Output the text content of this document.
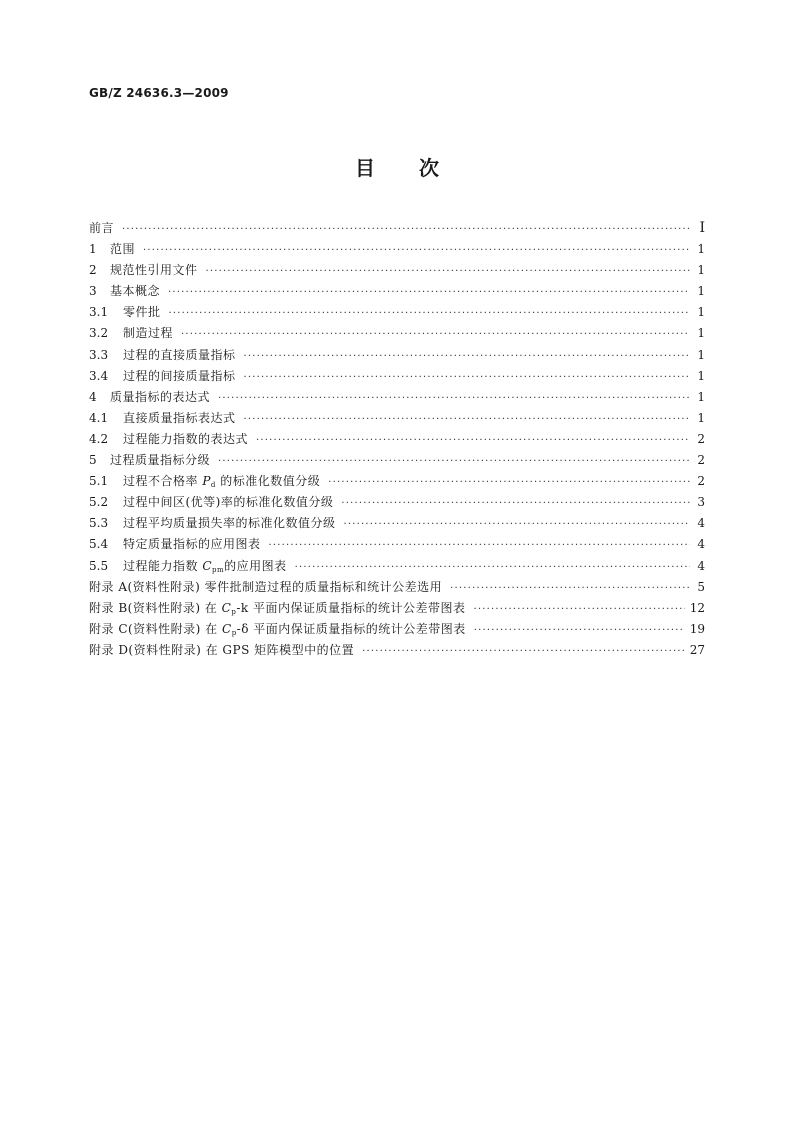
GB/Z 24636.3—2009
目 次
前言 ·····	Ⅰ
1	范围 ·····	1
2	规范性引用文件 ·····	1
3	基本概念 ·····	1
3.1	零件批 ·····	1
3.2	制造过程 ·····	1
3.3	过程的直接质量指标 ·····	1
3.4	过程的间接质量指标 ·····	1
4	质量指标的表达式 ·····	1
4.1	直接质量指标表达式 ·····	1
4.2	过程能力指数的表达式 ·····	2
5	过程质量指标分级 ·····	2
5.1	过程不合格率 $P_d$ 的标准化数值分级 ·····	2
5.2	过程中间区(优等)率的标准化数值分级 ·····	3
5.3	过程平均质量损失率的标准化数值分级 ·····	4
5.4	特定质量指标的应用图表 ·····	4
5.5	过程能力指数 $C_{pm}$的应用图表 ·····	4
附录 A(资料性附录) 零件批制造过程的质量指标和统计公差选用 ·····	5
附录 B(资料性附录) 在 $C_p-k$ 平面内保证质量指标的统计公差带图表 ·····	12
附录 C(资料性附录) 在 $C_p-\delta$ 平面内保证质量指标的统计公差带图表 ·····	19
附录 D(资料性附录) 在 GPS 矩阵模型中的位置 ·····	27
